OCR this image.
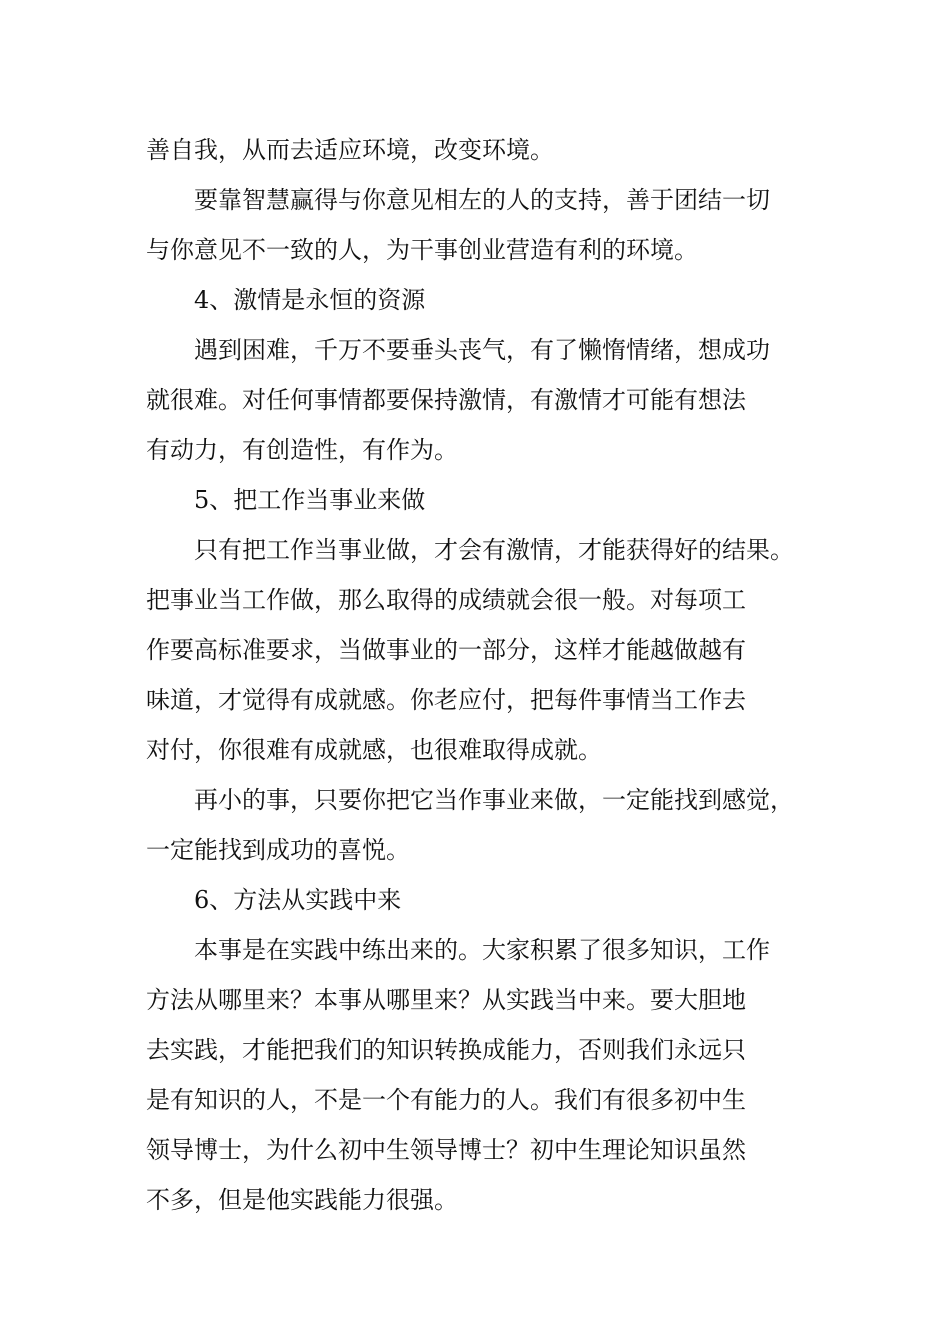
善自我，从而去适应环境，改变环境。
要靠智慧赢得与你意见相左的人的支持，善于团结一切
与你意见不一致的人，为干事创业营造有利的环境。
4、激情是永恒的资源
遇到困难，千万不要垂头丧气，有了懒惰情绪，想成功
就很难。对任何事情都要保持激情，有激情才可能有想法
有动力，有创造性，有作为。
5、把工作当事业来做
只有把工作当事业做，才会有激情，才能获得好的结果。
把事业当工作做，那么取得的成绩就会很一般。对每项工
作要高标准要求，当做事业的一部分，这样才能越做越有
味道，才觉得有成就感。你老应付，把每件事情当工作去
对付，你很难有成就感，也很难取得成就。
再小的事，只要你把它当作事业来做，一定能找到感觉，
一定能找到成功的喜悦。
6、方法从实践中来
本事是在实践中练出来的。大家积累了很多知识，工作
方法从哪里来？本事从哪里来？从实践当中来。要大胆地
去实践，才能把我们的知识转换成能力，否则我们永远只
是有知识的人，不是一个有能力的人。我们有很多初中生
领导博士，为什么初中生领导博士？初中生理论知识虽然
不多，但是他实践能力很强。
